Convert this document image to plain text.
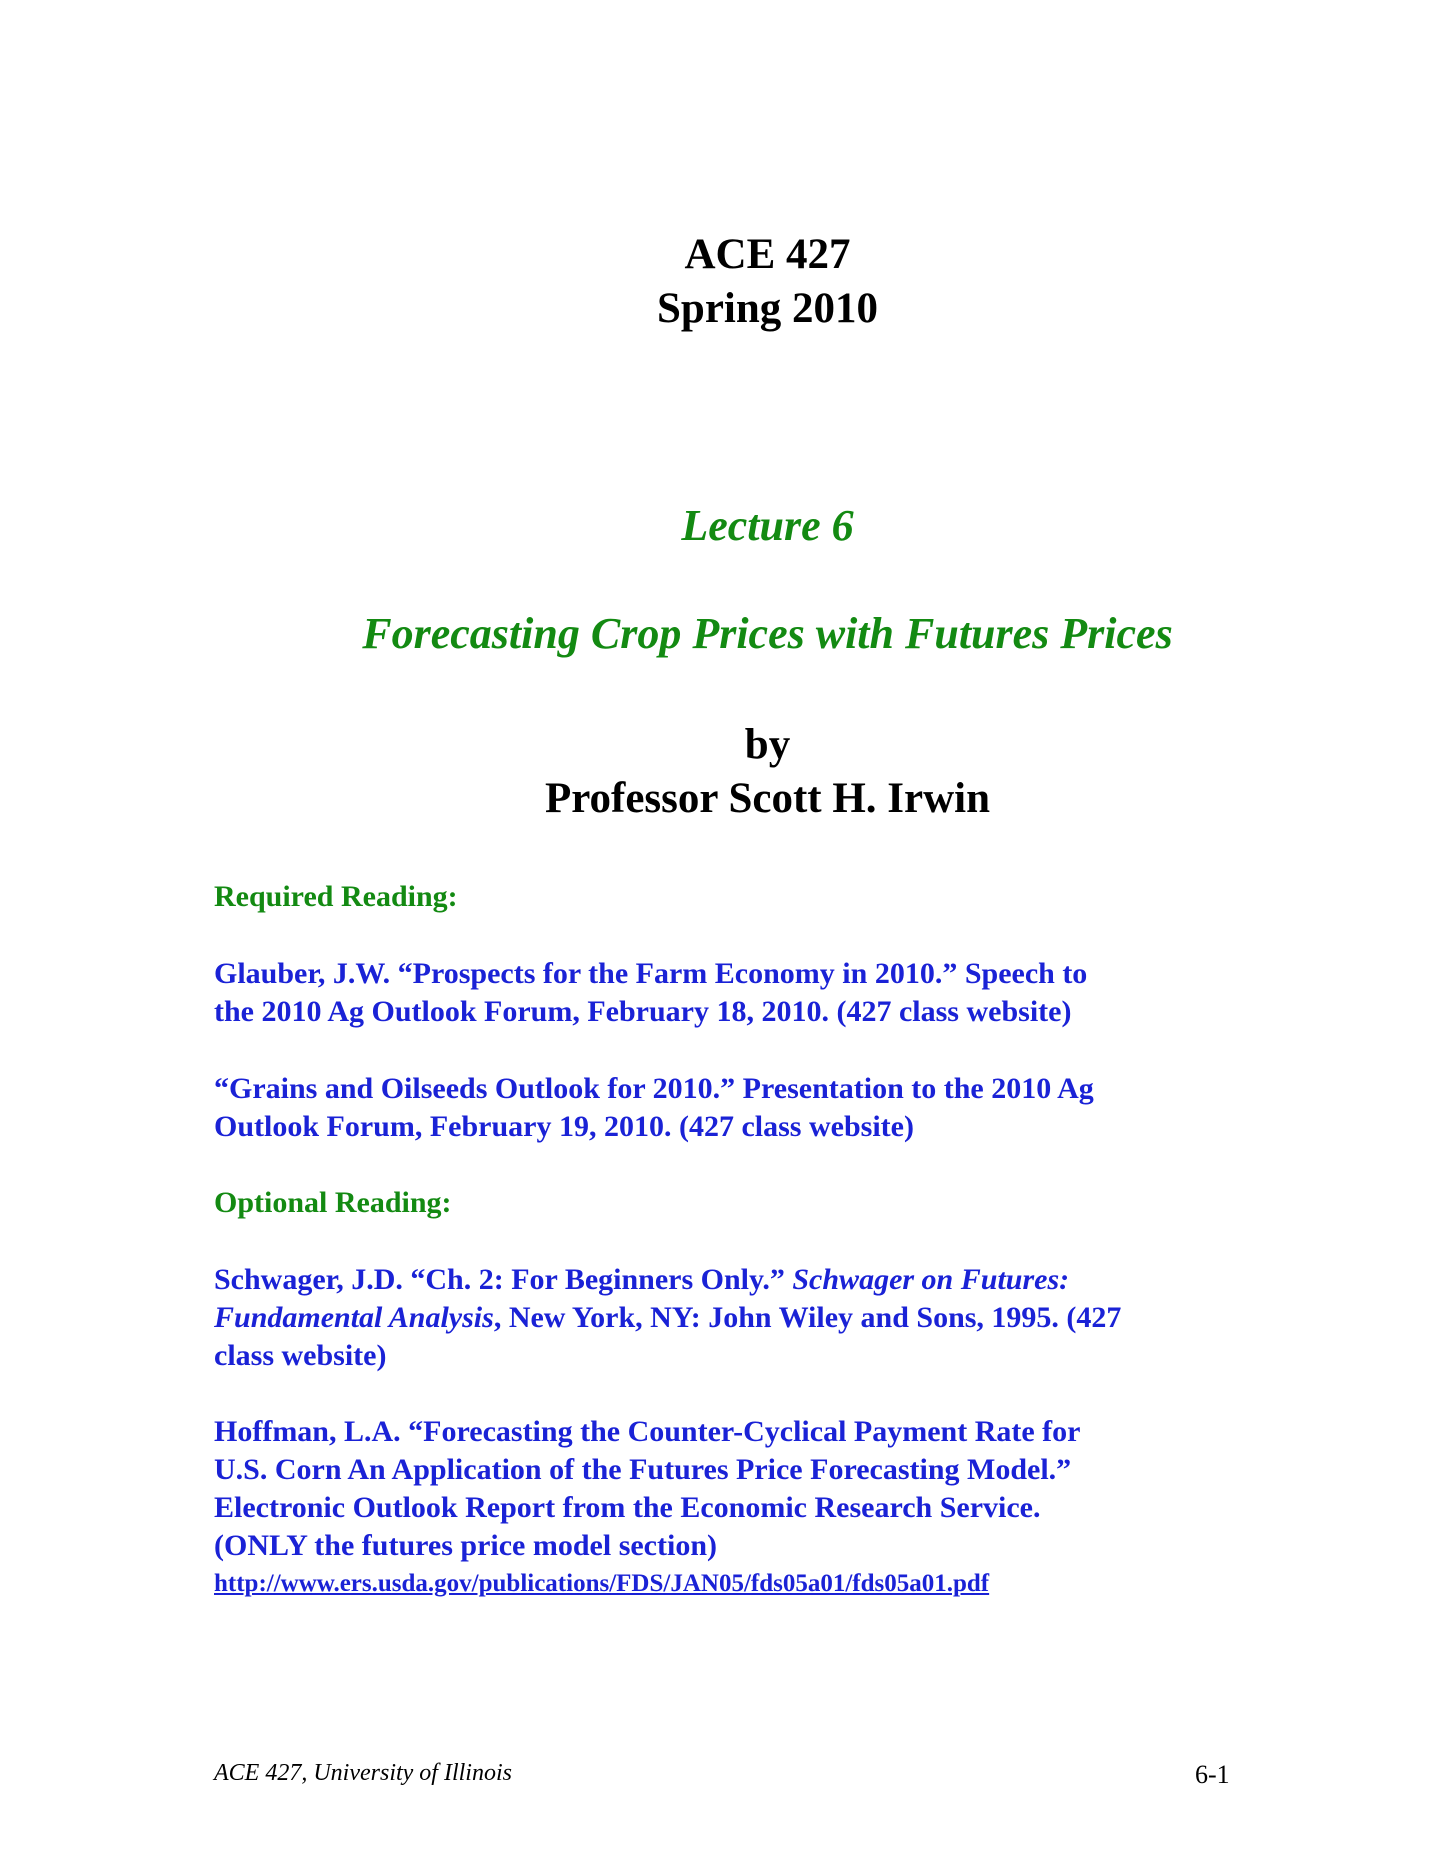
ACE 427
Spring 2010
Lecture 6
Forecasting Crop Prices with Futures Prices
by
Professor Scott H. Irwin
Required Reading:
Glauber, J.W. “Prospects for the Farm Economy in 2010.” Speech to
the 2010 Ag Outlook Forum, February 18, 2010. (427 class website)
“Grains and Oilseeds Outlook for 2010.” Presentation to the 2010 Ag
Outlook Forum, February 19, 2010. (427 class website)
Optional Reading:
Schwager, J.D. “Ch. 2: For Beginners Only.” Schwager on Futures:
Fundamental Analysis, New York, NY: John Wiley and Sons, 1995. (427
class website)
Hoffman, L.A. “Forecasting the Counter-Cyclical Payment Rate for
U.S. Corn An Application of the Futures Price Forecasting Model.”
Electronic Outlook Report from the Economic Research Service.
(ONLY the futures price model section)
http://www.ers.usda.gov/publications/FDS/JAN05/fds05a01/fds05a01.pdf
ACE 427, University of Illinois	6-1
